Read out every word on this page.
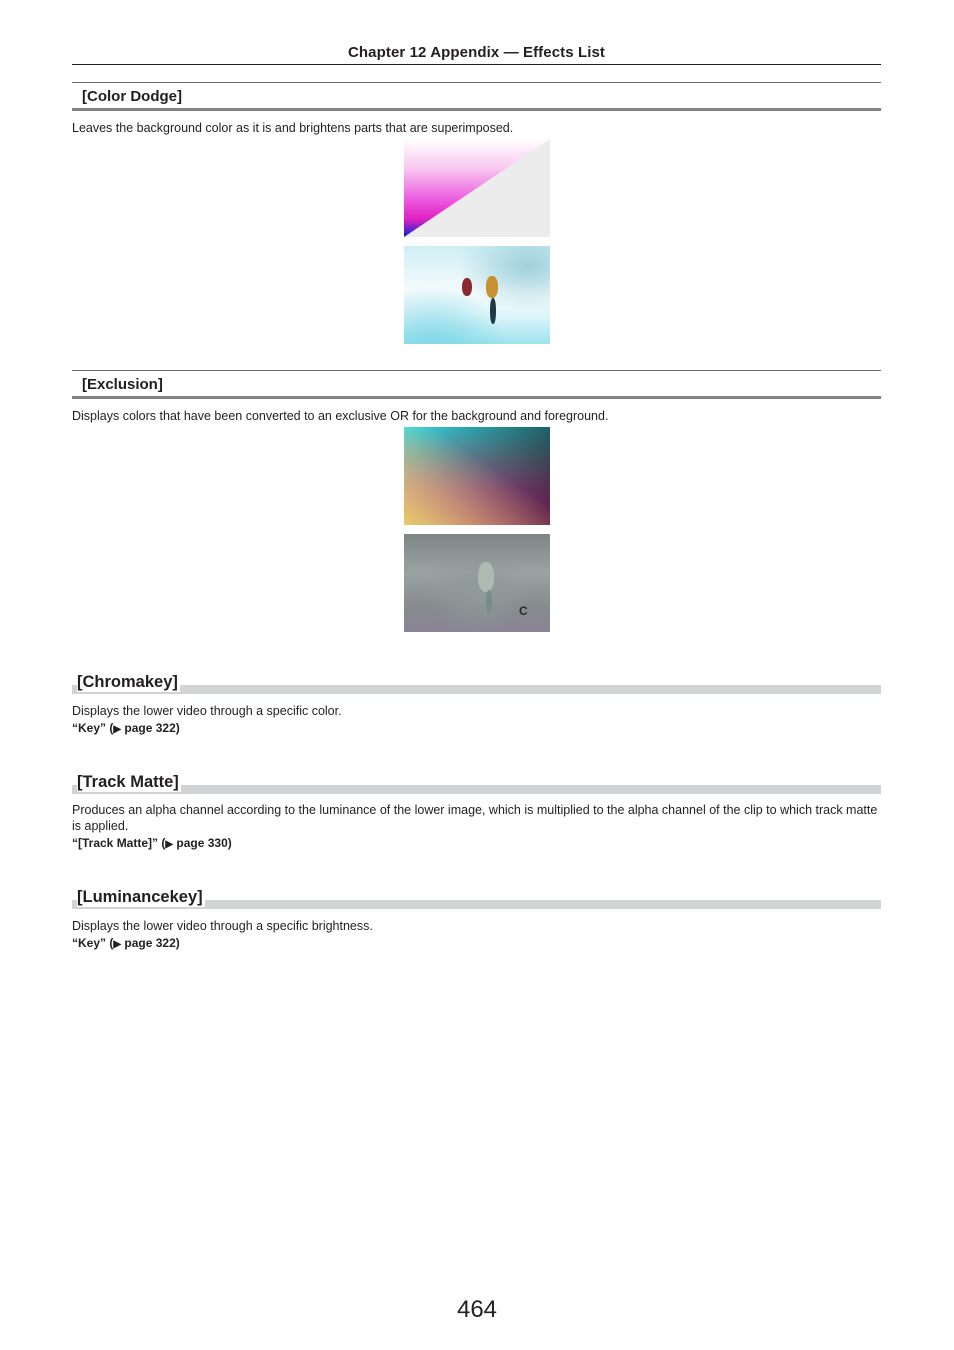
Chapter 12 Appendix — Effects List
[Color Dodge]
Leaves the background color as it is and brightens parts that are superimposed.
[Exclusion]
Displays colors that have been converted to an exclusive OR for the background and foreground.
C
[Chromakey]
Displays the lower video through a specific color.
“Key” (▶ page 322)
[Track Matte]
Produces an alpha channel according to the luminance of the lower image, which is multiplied to the alpha channel of the clip to which track matte is applied.
“[Track Matte]” (▶ page 330)
[Luminancekey]
Displays the lower video through a specific brightness.
“Key” (▶ page 322)
464
